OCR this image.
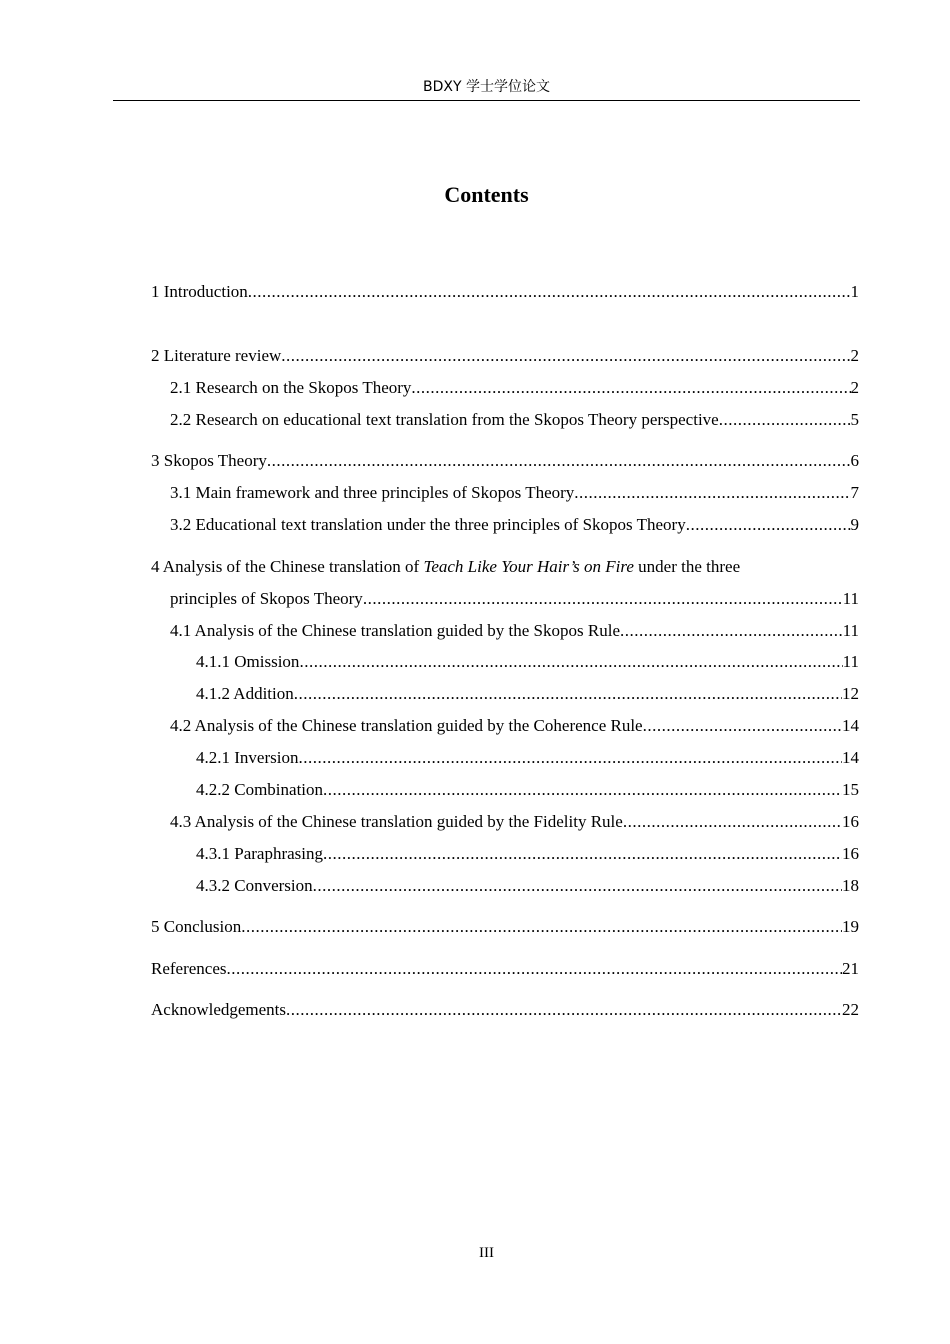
BDXY 学士学位论文
Contents
1 Introduction .....	1
2 Literature review .....	2
2.1 Research on the Skopos Theory .....	2
2.2 Research on educational text translation from the Skopos Theory perspective .....	5
3 Skopos Theory .....	6
3.1 Main framework and three principles of Skopos Theory .....	7
3.2 Educational text translation under the three principles of Skopos Theory .....	9
4 Analysis of the Chinese translation of Teach Like Your Hair’s on Fire under the three
principles of Skopos Theory .....	11
4.1 Analysis of the Chinese translation guided by the Skopos Rule .....	11
4.1.1 Omission .....	11
4.1.2 Addition .....	12
4.2 Analysis of the Chinese translation guided by the Coherence Rule .....	14
4.2.1 Inversion .....	14
4.2.2 Combination .....	15
4.3 Analysis of the Chinese translation guided by the Fidelity Rule .....	16
4.3.1 Paraphrasing .....	16
4.3.2 Conversion .....	18
5 Conclusion .....	19
References .....	21
Acknowledgements .....	22
III
